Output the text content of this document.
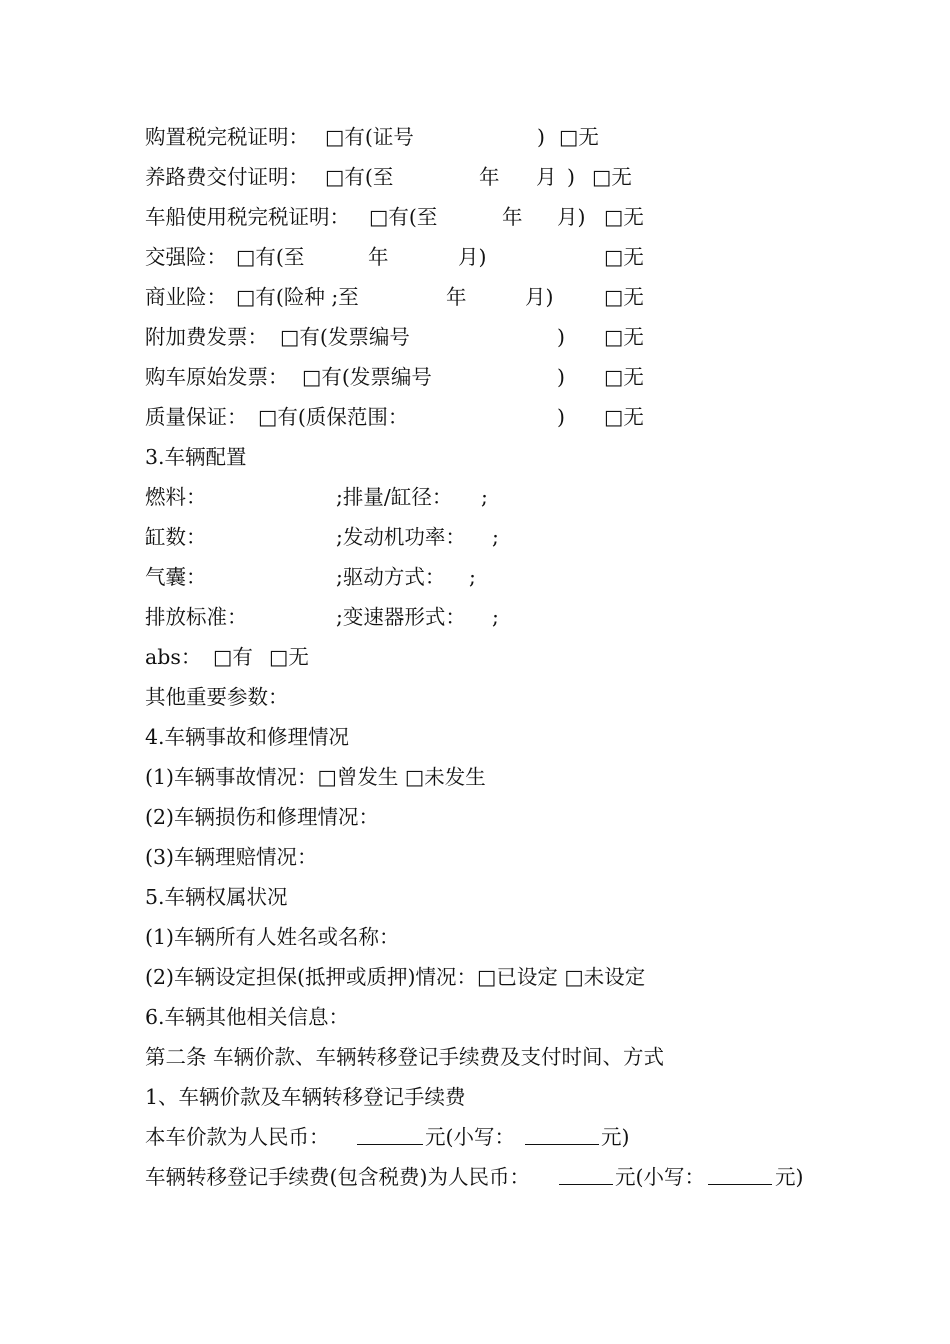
购置税完税证明： □有(证号	) □无
养路费交付证明： □有(至	年 月 ) □无
车船使用税完税证明： □有(至	年 月) □无
交强险： □有(至	年	月)	□无
商业险： □有(险种 ;至	年	月) □无
附加费发票： □有(发票编号	) □无
购车原始发票： □有(发票编号	) □无
质量保证： □有(质保范围：	) □无
3.车辆配置
燃料：	;排量/缸径： ;
缸数：	;发动机功率： ;
气囊：	;驱动方式： ;
排放标准：	;变速器形式： ;
abs： □有 □无
其他重要参数：
4.车辆事故和修理情况
(1)车辆事故情况：□曾发生 □未发生
(2)车辆损伤和修理情况：
(3)车辆理赔情况：
5.车辆权属状况
(1)车辆所有人姓名或名称：
(2)车辆设定担保(抵押或质押)情况：□已设定 □未设定
6.车辆其他相关信息：
第二条 车辆价款、车辆转移登记手续费及支付时间、方式
1、车辆价款及车辆转移登记手续费
本车价款为人民币：	元(小写：	元)
车辆转移登记手续费(包含税费)为人民币：	元(小写：	元)
